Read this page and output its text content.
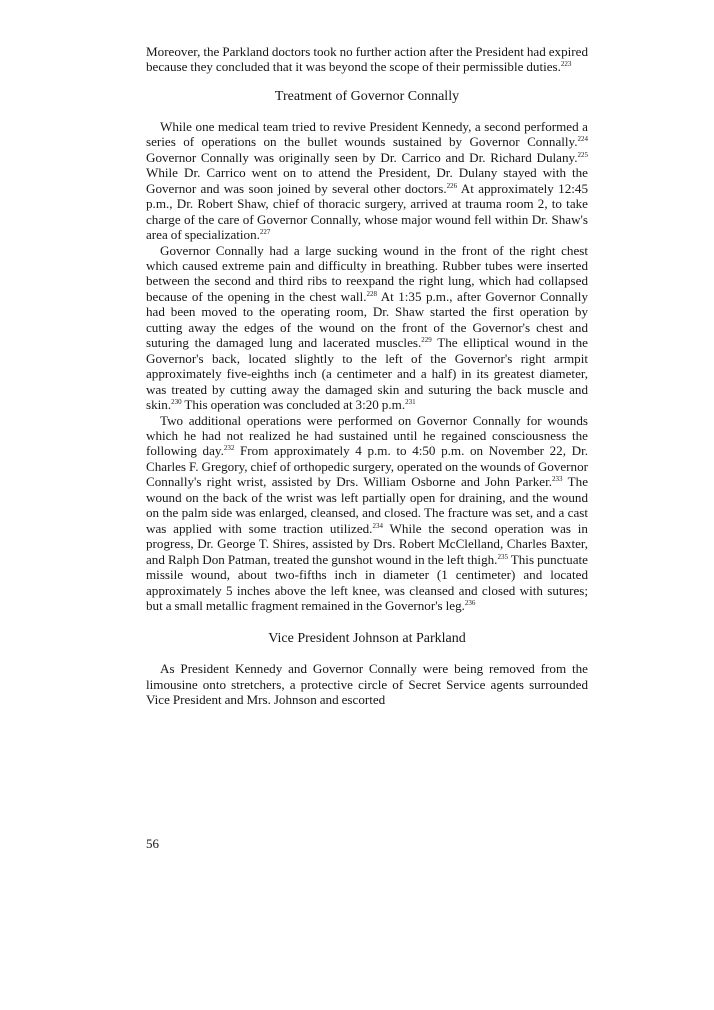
Moreover, the Parkland doctors took no further action after the President had expired because they concluded that it was beyond the scope of their permissible duties.$^{223}$

Treatment of Governor Connally

While one medical team tried to revive President Kennedy, a second performed a series of operations on the bullet wounds sustained by Governor Connally.$^{224}$ Governor Connally was originally seen by Dr. Carrico and Dr. Richard Dulany.$^{225}$ While Dr. Carrico went on to attend the President, Dr. Dulany stayed with the Governor and was soon joined by several other doctors.$^{226}$ At approximately 12:45 p.m., Dr. Robert Shaw, chief of thoracic surgery, arrived at trauma room 2, to take charge of the care of Governor Connally, whose major wound fell within Dr. Shaw's area of specialization.$^{227}$

Governor Connally had a large sucking wound in the front of the right chest which caused extreme pain and difficulty in breathing. Rubber tubes were inserted between the second and third ribs to reexpand the right lung, which had collapsed because of the opening in the chest wall.$^{228}$ At 1:35 p.m., after Governor Connally had been moved to the operating room, Dr. Shaw started the first operation by cutting away the edges of the wound on the front of the Governor's chest and suturing the damaged lung and lacerated muscles.$^{229}$ The elliptical wound in the Governor's back, located slightly to the left of the Governor's right armpit approximately five-eighths inch (a centimeter and a half) in its greatest diameter, was treated by cutting away the damaged skin and suturing the back muscle and skin.$^{230}$ This operation was concluded at 3:20 p.m.$^{231}$

Two additional operations were performed on Governor Connally for wounds which he had not realized he had sustained until he regained consciousness the following day.$^{232}$ From approximately 4 p.m. to 4:50 p.m. on November 22, Dr. Charles F. Gregory, chief of orthopedic surgery, operated on the wounds of Governor Connally's right wrist, assisted by Drs. William Osborne and John Parker.$^{233}$ The wound on the back of the wrist was left partially open for draining, and the wound on the palm side was enlarged, cleansed, and closed. The fracture was set, and a cast was applied with some traction utilized.$^{234}$ While the second operation was in progress, Dr. George T. Shires, assisted by Drs. Robert McClelland, Charles Baxter, and Ralph Don Patman, treated the gunshot wound in the left thigh.$^{235}$ This punctuate missile wound, about two-fifths inch in diameter (1 centimeter) and located approximately 5 inches above the left knee, was cleansed and closed with sutures; but a small metallic fragment remained in the Governor's leg.$^{236}$

Vice President Johnson at Parkland

As President Kennedy and Governor Connally were being removed from the limousine onto stretchers, a protective circle of Secret Service agents surrounded Vice President and Mrs. Johnson and escorted

56
